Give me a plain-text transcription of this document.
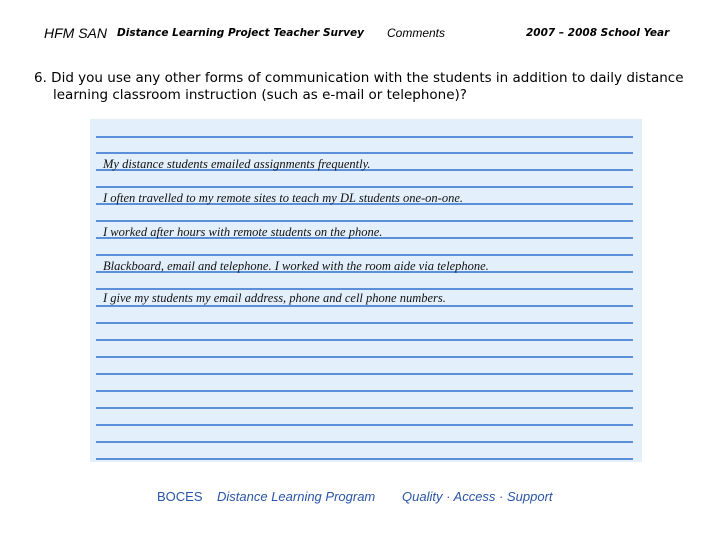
HFM SAN Distance Learning Project Teacher Survey Comments	2007 – 2008 School Year
6. Did you use any other forms of communication with the students in addition to daily distance learning classroom instruction (such as e-mail or telephone)?
My distance students emailed assignments frequently.
I often travelled to my remote sites to teach my DL students one-on-one.
I worked after hours with remote students on the phone.
Blackboard, email and telephone. I worked with the room aide via telephone.
I give my students my email address, phone and cell phone numbers.
BOCES Distance Learning Program Quality · Access · Support
